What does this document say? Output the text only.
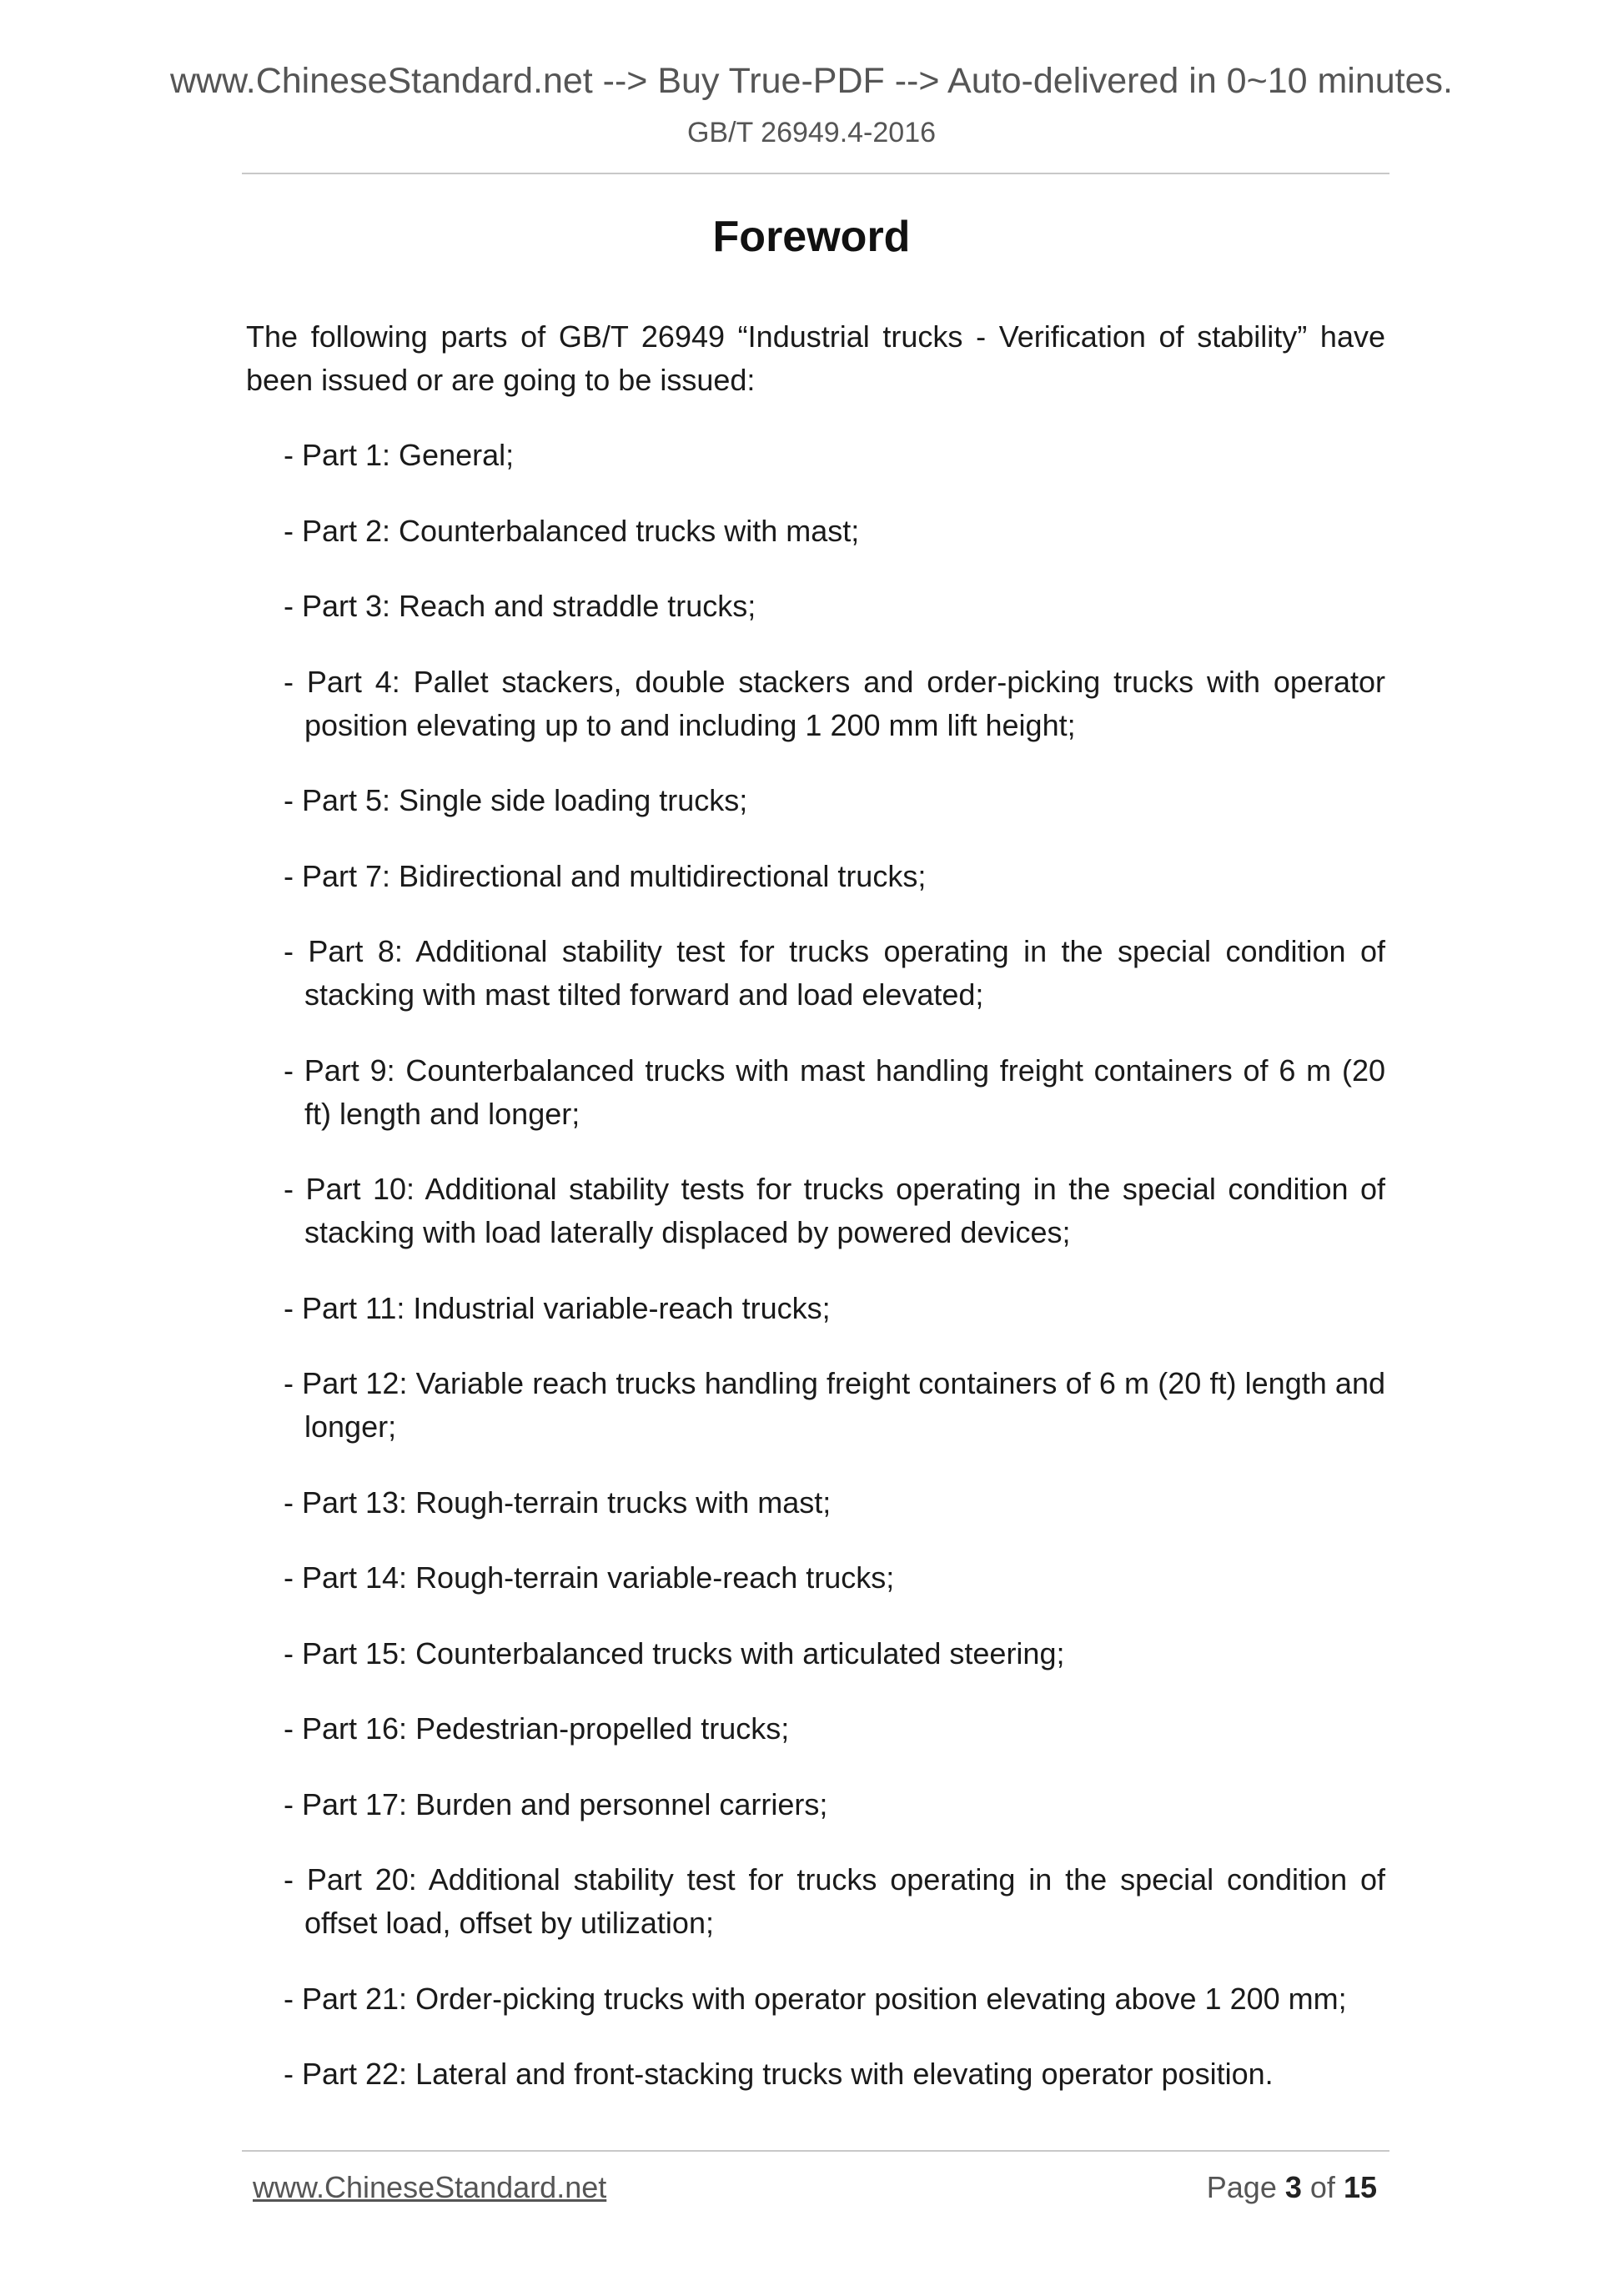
www.ChineseStandard.net --> Buy True-PDF --> Auto-delivered in 0~10 minutes.
GB/T 26949.4-2016
Foreword

The following parts of GB/T 26949 “Industrial trucks - Verification of stability” have been issued or are going to be issued:

- Part 1: General;
- Part 2: Counterbalanced trucks with mast;
- Part 3: Reach and straddle trucks;
- Part 4: Pallet stackers, double stackers and order-picking trucks with operator position elevating up to and including 1 200 mm lift height;
- Part 5: Single side loading trucks;
- Part 7: Bidirectional and multidirectional trucks;
- Part 8: Additional stability test for trucks operating in the special condition of stacking with mast tilted forward and load elevated;
- Part 9: Counterbalanced trucks with mast handling freight containers of 6 m (20 ft) length and longer;
- Part 10: Additional stability tests for trucks operating in the special condition of stacking with load laterally displaced by powered devices;
- Part 11: Industrial variable-reach trucks;
- Part 12: Variable reach trucks handling freight containers of 6 m (20 ft) length and longer;
- Part 13: Rough-terrain trucks with mast;
- Part 14: Rough-terrain variable-reach trucks;
- Part 15: Counterbalanced trucks with articulated steering;
- Part 16: Pedestrian-propelled trucks;
- Part 17: Burden and personnel carriers;
- Part 20: Additional stability test for trucks operating in the special condition of offset load, offset by utilization;
- Part 21: Order-picking trucks with operator position elevating above 1 200 mm;
- Part 22: Lateral and front-stacking trucks with elevating operator position.
www.ChineseStandard.net	Page 3 of 15
